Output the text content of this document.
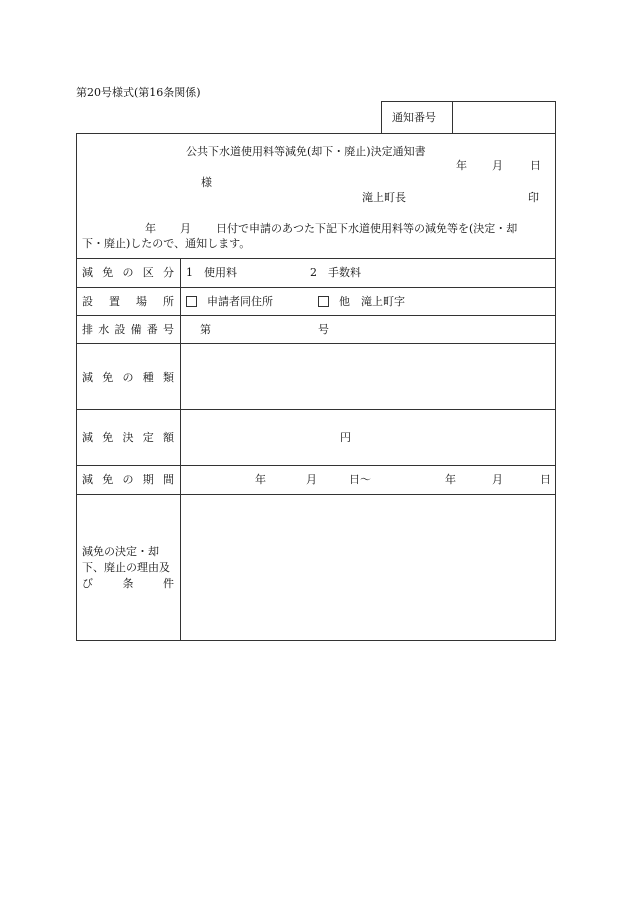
第20号様式(第16条関係)
通知番号
公共下水道使用料等減免(却下・廃止)決定通知書
年 月 日
様
滝上町長	印
年 月 日付で申請のあつた下記下水道使用料等の減免等を(決定・却
下・廃止)したので、通知します。
減 免 の 区 分 1　使用料	2　手数料
設 置 場 所	申請者同住所	他　滝上町字
排 水 設 備 番 号 第	号
減 免 の 種 類
減 免 決 定 額	円
減 免 の 期 間	年	月	日～	年	月	日
減免の決定・却
下、廃止の理由及
び	条	件
